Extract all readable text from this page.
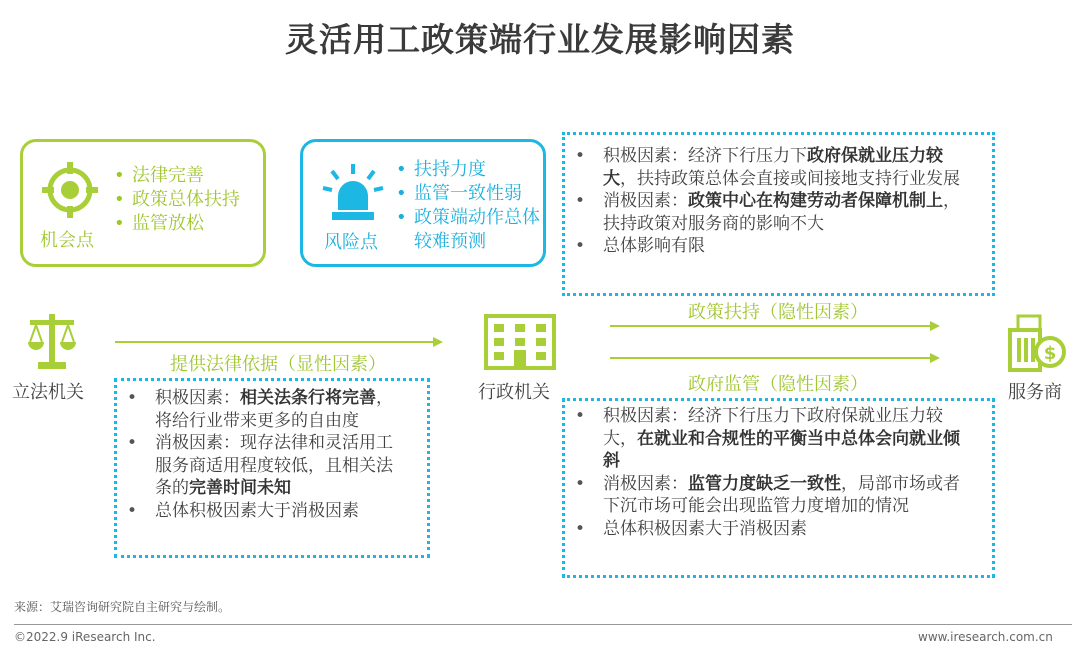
灵活用工政策端行业发展影响因素
机会点
• 法律完善
• 政策总体扶持
• 监管放松
风险点
• 扶持力度
• 监管一致性弱
• 政策端动作总体较难预测
• 积极因素：经济下行压力下政府保就业压力较大，扶持政策总体会直接或间接地支持行业发展
• 消极因素：政策中心在构建劳动者保障机制上，扶持政策对服务商的影响不大
• 总体影响有限
立法机关
提供法律依据（显性因素）
行政机关
政策扶持（隐性因素）
政府监管（隐性因素）
$
服务商
• 积极因素：相关法条行将完善，将给行业带来更多的自由度
• 消极因素：现存法律和灵活用工服务商适用程度较低，且相关法条的完善时间未知
• 总体积极因素大于消极因素
• 积极因素：经济下行压力下政府保就业压力较大，在就业和合规性的平衡当中总体会向就业倾斜
• 消极因素：监管力度缺乏一致性，局部市场或者下沉市场可能会出现监管力度增加的情况
• 总体积极因素大于消极因素
来源：艾瑞咨询研究院自主研究与绘制。
©2022.9 iResearch Inc.	www.iresearch.com.cn
